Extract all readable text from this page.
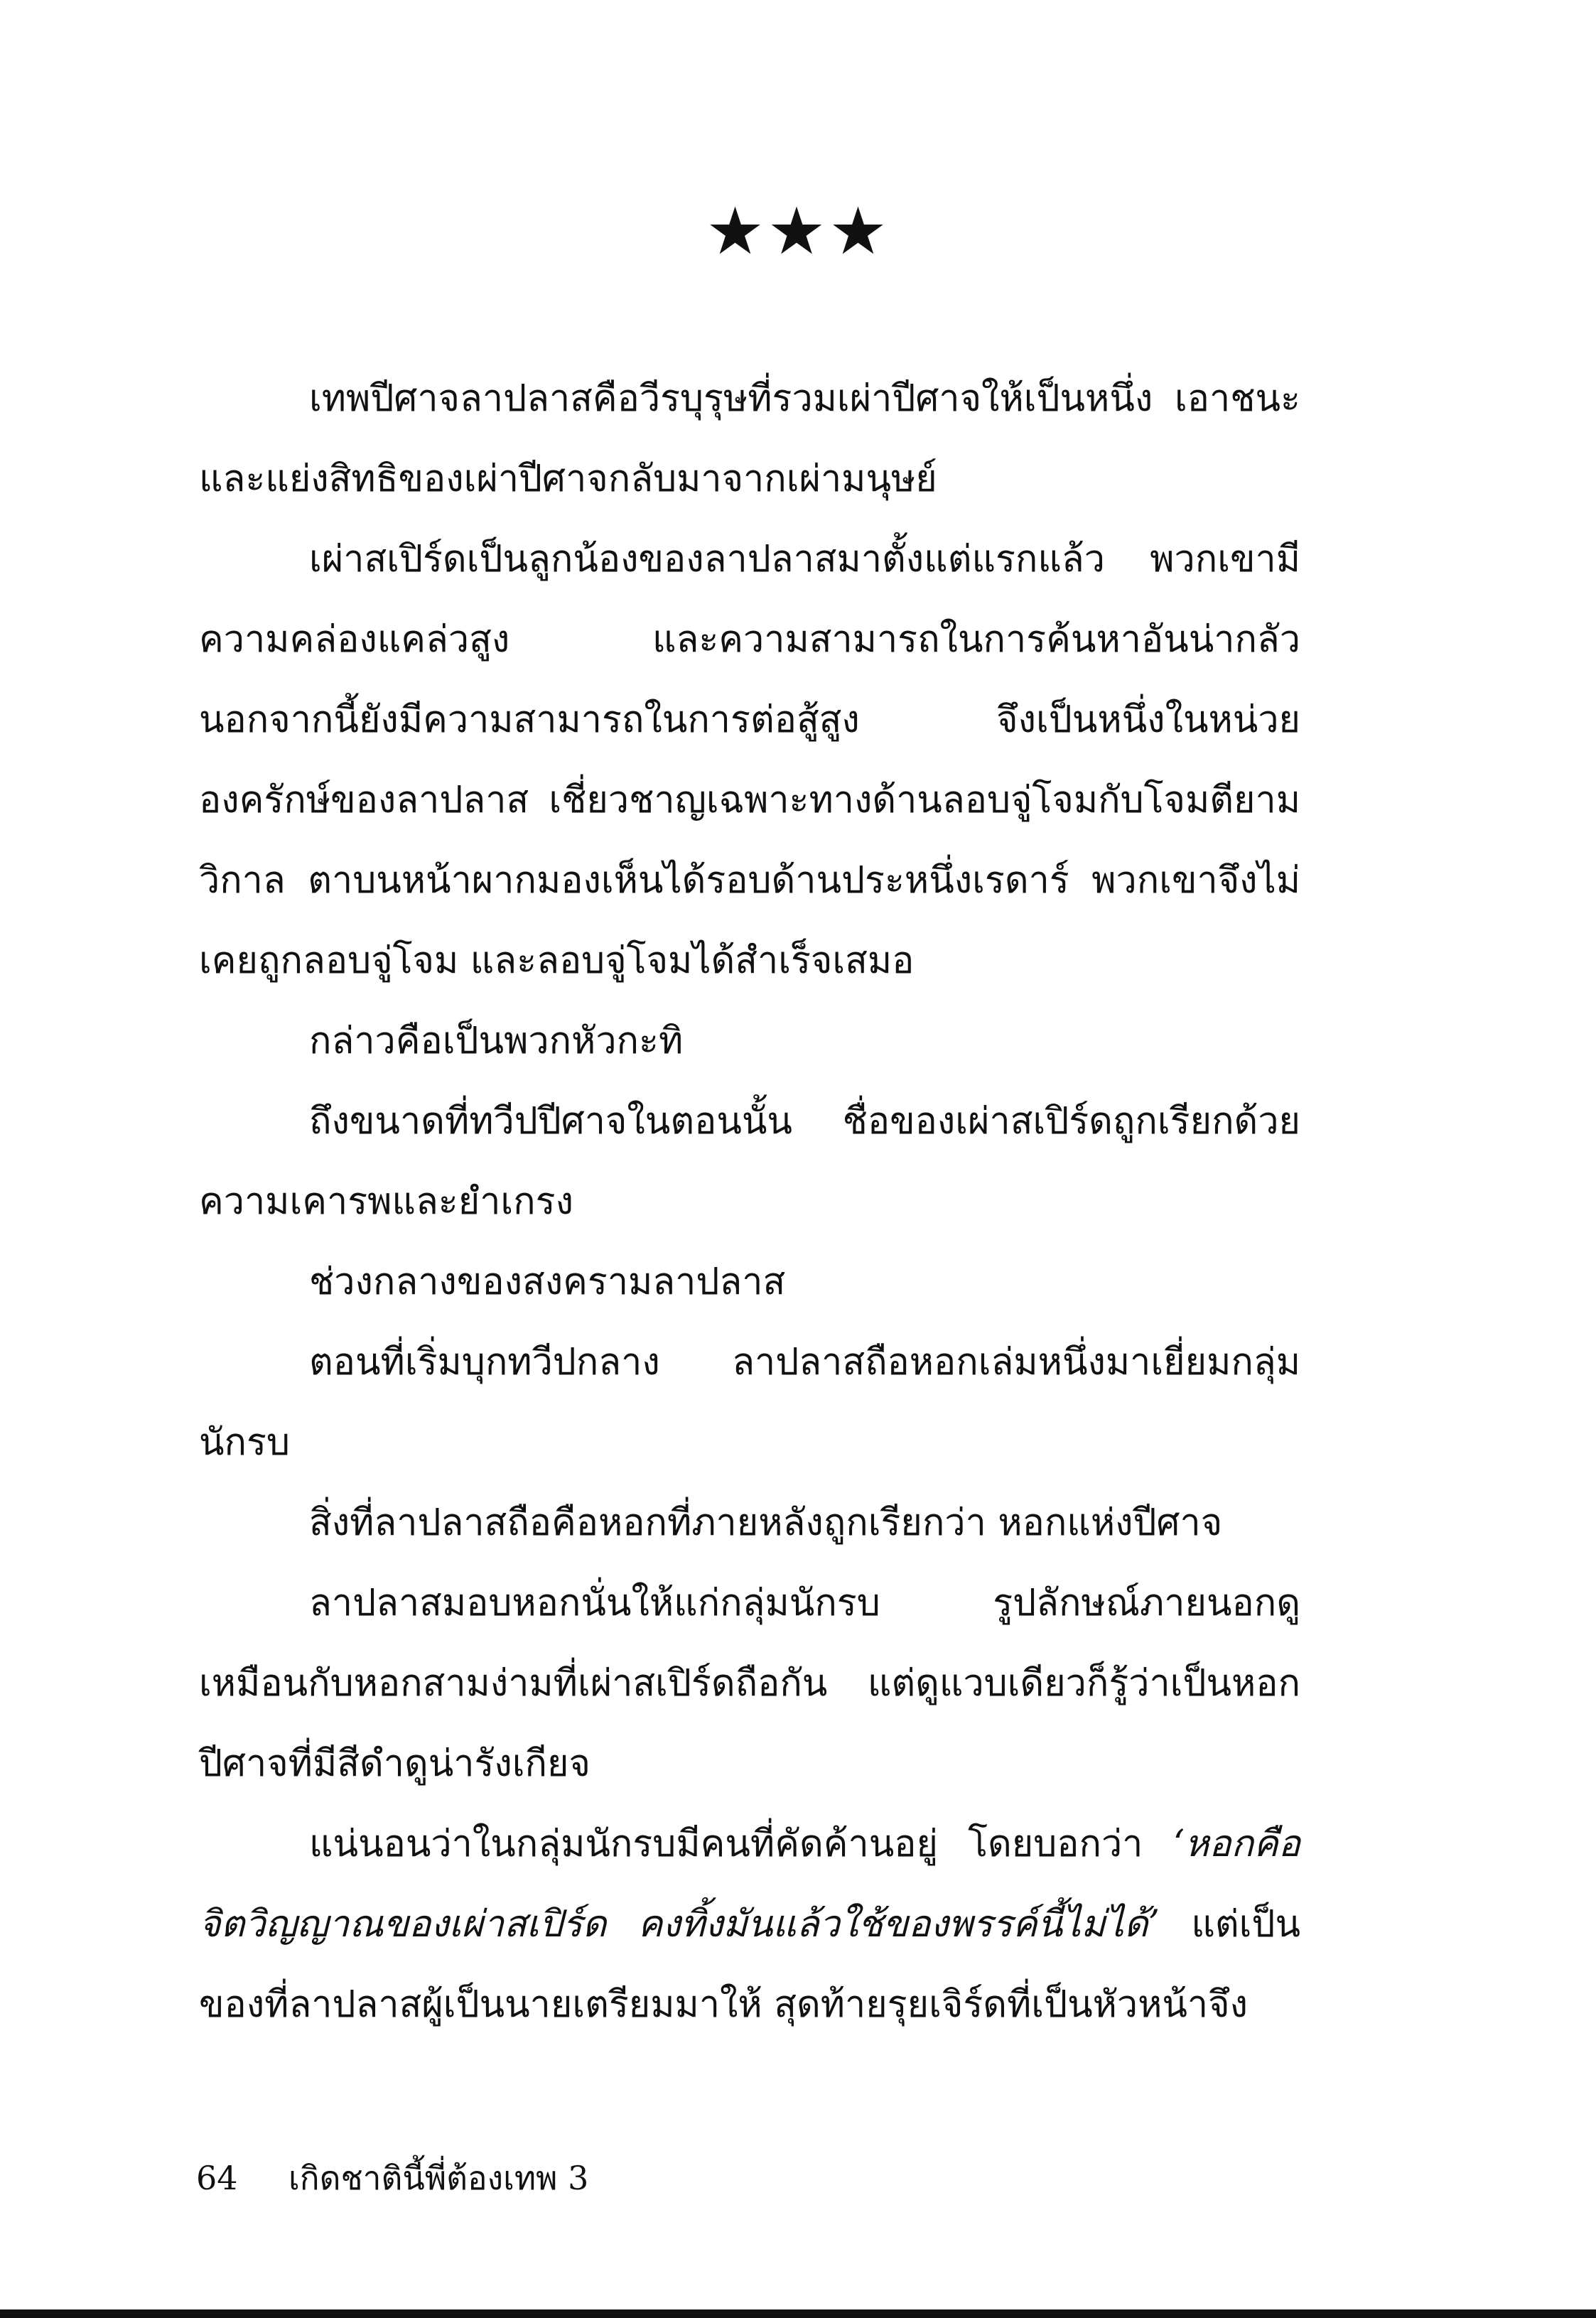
★★★

เทพปีศาจลาปลาสคือวีรบุรุษที่รวมเผ่าปีศาจให้เป็นหนึ่ง เอาชนะและแย่งสิทธิของเผ่าปีศาจกลับมาจากเผ่ามนุษย์

เผ่าสเปิร์ดเป็นลูกน้องของลาปลาสมาตั้งแต่แรกแล้ว พวกเขามีความคล่องแคล่วสูง และความสามารถในการค้นหาอันน่ากลัว นอกจากนี้ยังมีความสามารถในการต่อสู้สูง จึงเป็นหนึ่งในหน่วยองครักษ์ของลาปลาส เชี่ยวชาญเฉพาะทางด้านลอบจู่โจมกับโจมตียามวิกาล ตาบนหน้าผากมองเห็นได้รอบด้านประหนึ่งเรดาร์ พวกเขาจึงไม่เคยถูกลอบจู่โจม และลอบจู่โจมได้สำเร็จเสมอ

กล่าวคือเป็นพวกหัวกะทิ

ถึงขนาดที่ทวีปปีศาจในตอนนั้น ชื่อของเผ่าสเปิร์ดถูกเรียกด้วยความเคารพและยำเกรง

ช่วงกลางของสงครามลาปลาส

ตอนที่เริ่มบุกทวีปกลาง ลาปลาสถือหอกเล่มหนึ่งมาเยี่ยมกลุ่มนักรบ

สิ่งที่ลาปลาสถือคือหอกที่ภายหลังถูกเรียกว่า หอกแห่งปีศาจ

ลาปลาสมอบหอกนั่นให้แก่กลุ่มนักรบ รูปลักษณ์ภายนอกดูเหมือนกับหอกสามง่ามที่เผ่าสเปิร์ดถือกัน แต่ดูแวบเดียวก็รู้ว่าเป็นหอกปีศาจที่มีสีดำดูน่ารังเกียจ

แน่นอนว่าในกลุ่มนักรบมีคนที่คัดค้านอยู่ โดยบอกว่า ‘หอกคือจิตวิญญาณของเผ่าสเปิร์ด คงทิ้งมันแล้วใช้ของพรรค์นี้ไม่ได้’ แต่เป็นของที่ลาปลาสผู้เป็นนายเตรียมมาให้ สุดท้ายรุยเจิร์ดที่เป็นหัวหน้าจึง

64 เกิดชาตินี้พี่ต้องเทพ 3
